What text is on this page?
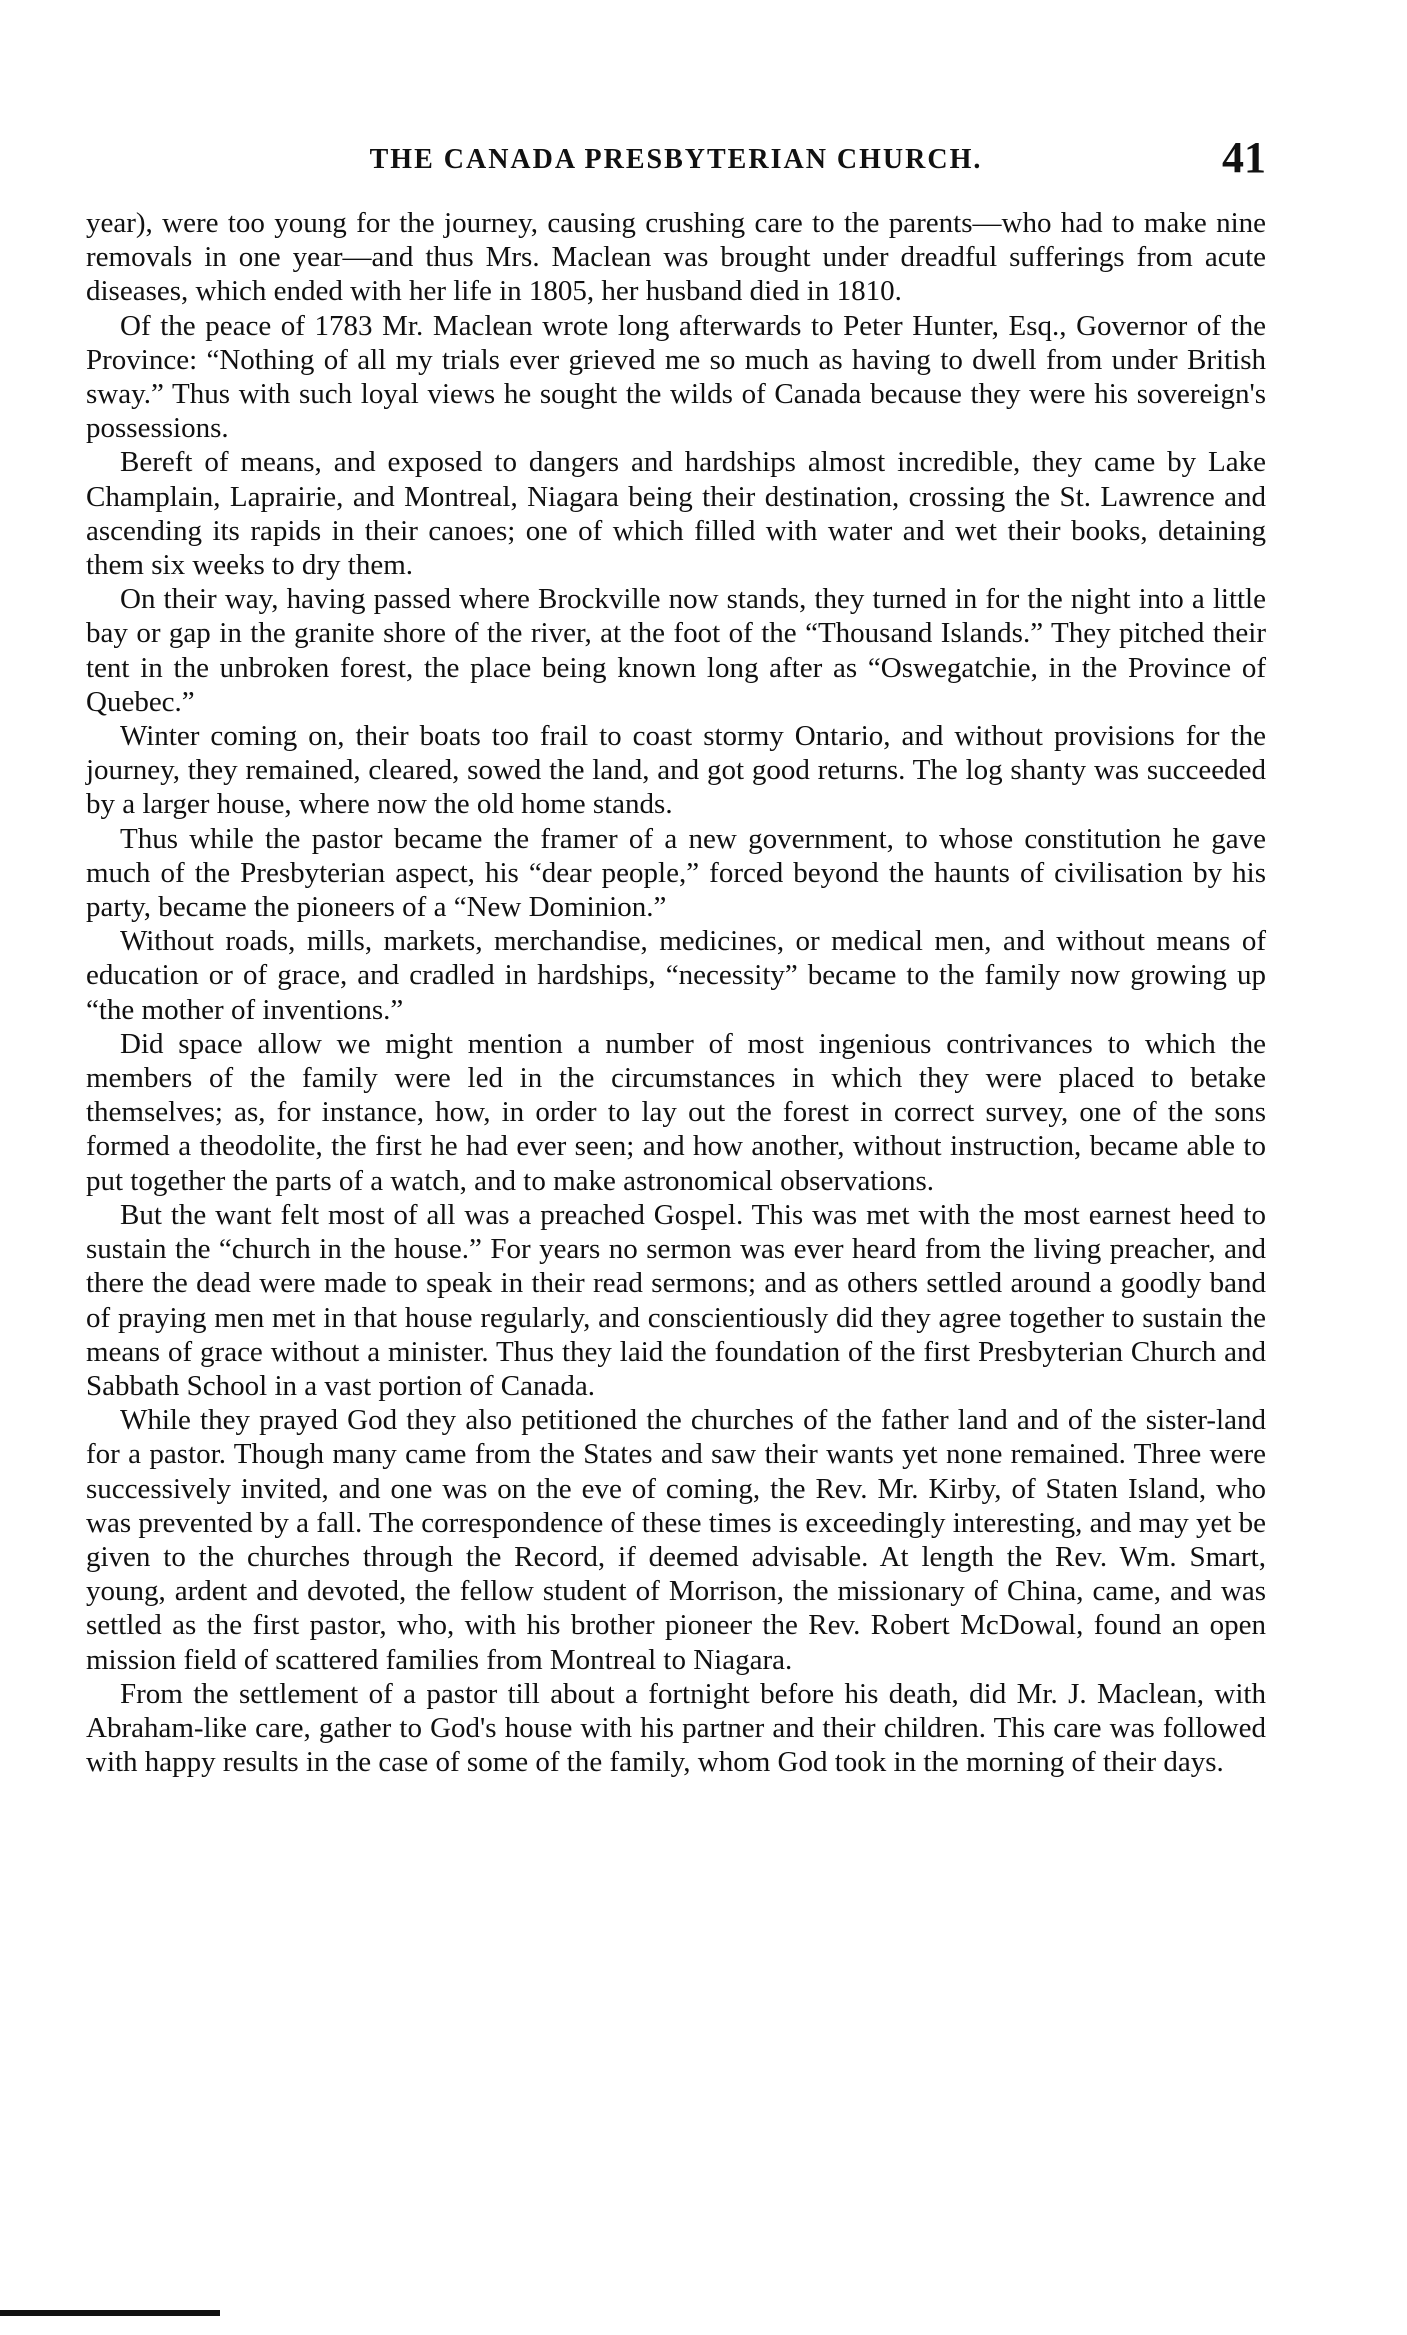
THE CANADA PRESBYTERIAN CHURCH.	41

year), were too young for the journey, causing crushing care to the parents—who had to make nine removals in one year—and thus Mrs. Maclean was brought under dreadful sufferings from acute diseases, which ended with her life in 1805, her husband died in 1810.

Of the peace of 1783 Mr. Maclean wrote long afterwards to Peter Hunter, Esq., Governor of the Province: “Nothing of all my trials ever grieved me so much as having to dwell from under British sway.” Thus with such loyal views he sought the wilds of Canada because they were his sovereign's possessions.

Bereft of means, and exposed to dangers and hardships almost incredible, they came by Lake Champlain, Laprairie, and Montreal, Niagara being their destination, crossing the St. Lawrence and ascending its rapids in their canoes; one of which filled with water and wet their books, detaining them six weeks to dry them.

On their way, having passed where Brockville now stands, they turned in for the night into a little bay or gap in the granite shore of the river, at the foot of the “Thousand Islands.” They pitched their tent in the unbroken forest, the place being known long after as “Oswegatchie, in the Province of Quebec.”

Winter coming on, their boats too frail to coast stormy Ontario, and without provisions for the journey, they remained, cleared, sowed the land, and got good returns. The log shanty was succeeded by a larger house, where now the old home stands.

Thus while the pastor became the framer of a new government, to whose constitution he gave much of the Presbyterian aspect, his “dear people,” forced beyond the haunts of civilisation by his party, became the pioneers of a “New Dominion.”

Without roads, mills, markets, merchandise, medicines, or medical men, and without means of education or of grace, and cradled in hardships, “necessity” became to the family now growing up “the mother of inventions.”

Did space allow we might mention a number of most ingenious contrivances to which the members of the family were led in the circumstances in which they were placed to betake themselves; as, for instance, how, in order to lay out the forest in correct survey, one of the sons formed a theodolite, the first he had ever seen; and how another, without instruction, became able to put together the parts of a watch, and to make astronomical observations.

But the want felt most of all was a preached Gospel. This was met with the most earnest heed to sustain the “church in the house.” For years no sermon was ever heard from the living preacher, and there the dead were made to speak in their read sermons; and as others settled around a goodly band of praying men met in that house regularly, and conscientiously did they agree together to sustain the means of grace without a minister. Thus they laid the foundation of the first Presbyterian Church and Sabbath School in a vast portion of Canada.

While they prayed God they also petitioned the churches of the father land and of the sister-land for a pastor. Though many came from the States and saw their wants yet none remained. Three were successively invited, and one was on the eve of coming, the Rev. Mr. Kirby, of Staten Island, who was prevented by a fall. The correspondence of these times is exceedingly interesting, and may yet be given to the churches through the Record, if deemed advisable. At length the Rev. Wm. Smart, young, ardent and devoted, the fellow student of Morrison, the missionary of China, came, and was settled as the first pastor, who, with his brother pioneer the Rev. Robert McDowal, found an open mission field of scattered families from Montreal to Niagara.

From the settlement of a pastor till about a fortnight before his death, did Mr. J. Maclean, with Abraham-like care, gather to God's house with his partner and their children. This care was followed with happy results in the case of some of the family, whom God took in the morning of their days.
